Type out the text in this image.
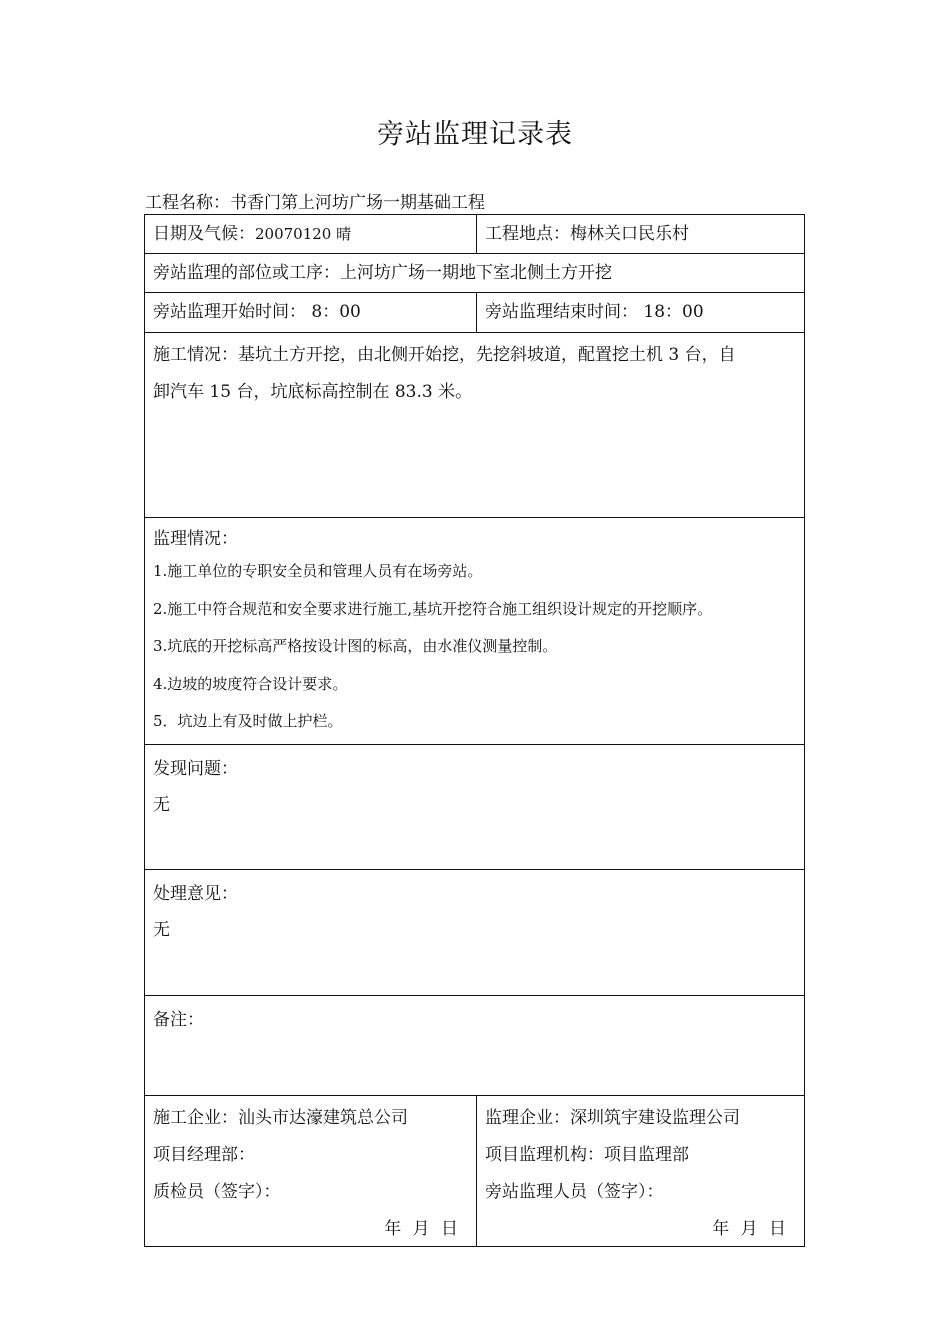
旁站监理记录表
工程名称：书香门第上河坊广场一期基础工程
日期及气候：20070120 晴	工程地点：梅林关口民乐村
旁站监理的部位或工序：上河坊广场一期地下室北侧土方开挖
旁站监理开始时间： 8：00	旁站监理结束时间： 18：00
施工情况：基坑土方开挖，由北侧开始挖，先挖斜坡道，配置挖土机 3 台，自
卸汽车 15 台，坑底标高控制在 83.3 米。
监理情况：
1.施工单位的专职安全员和管理人员有在场旁站。
2.施工中符合规范和安全要求进行施工,基坑开挖符合施工组织设计规定的开挖顺序。
3.坑底的开挖标高严格按设计图的标高，由水准仪测量控制。
4.边坡的坡度符合设计要求。
5．坑边上有及时做上护栏。
发现问题：
无
处理意见：
无
备注：
施工企业：汕头市达濠建筑总公司
项目经理部：
质检员（签字）：
年 月 日
监理企业：深圳筑宇建设监理公司
项目监理机构：项目监理部
旁站监理人员（签字）：
年 月 日
